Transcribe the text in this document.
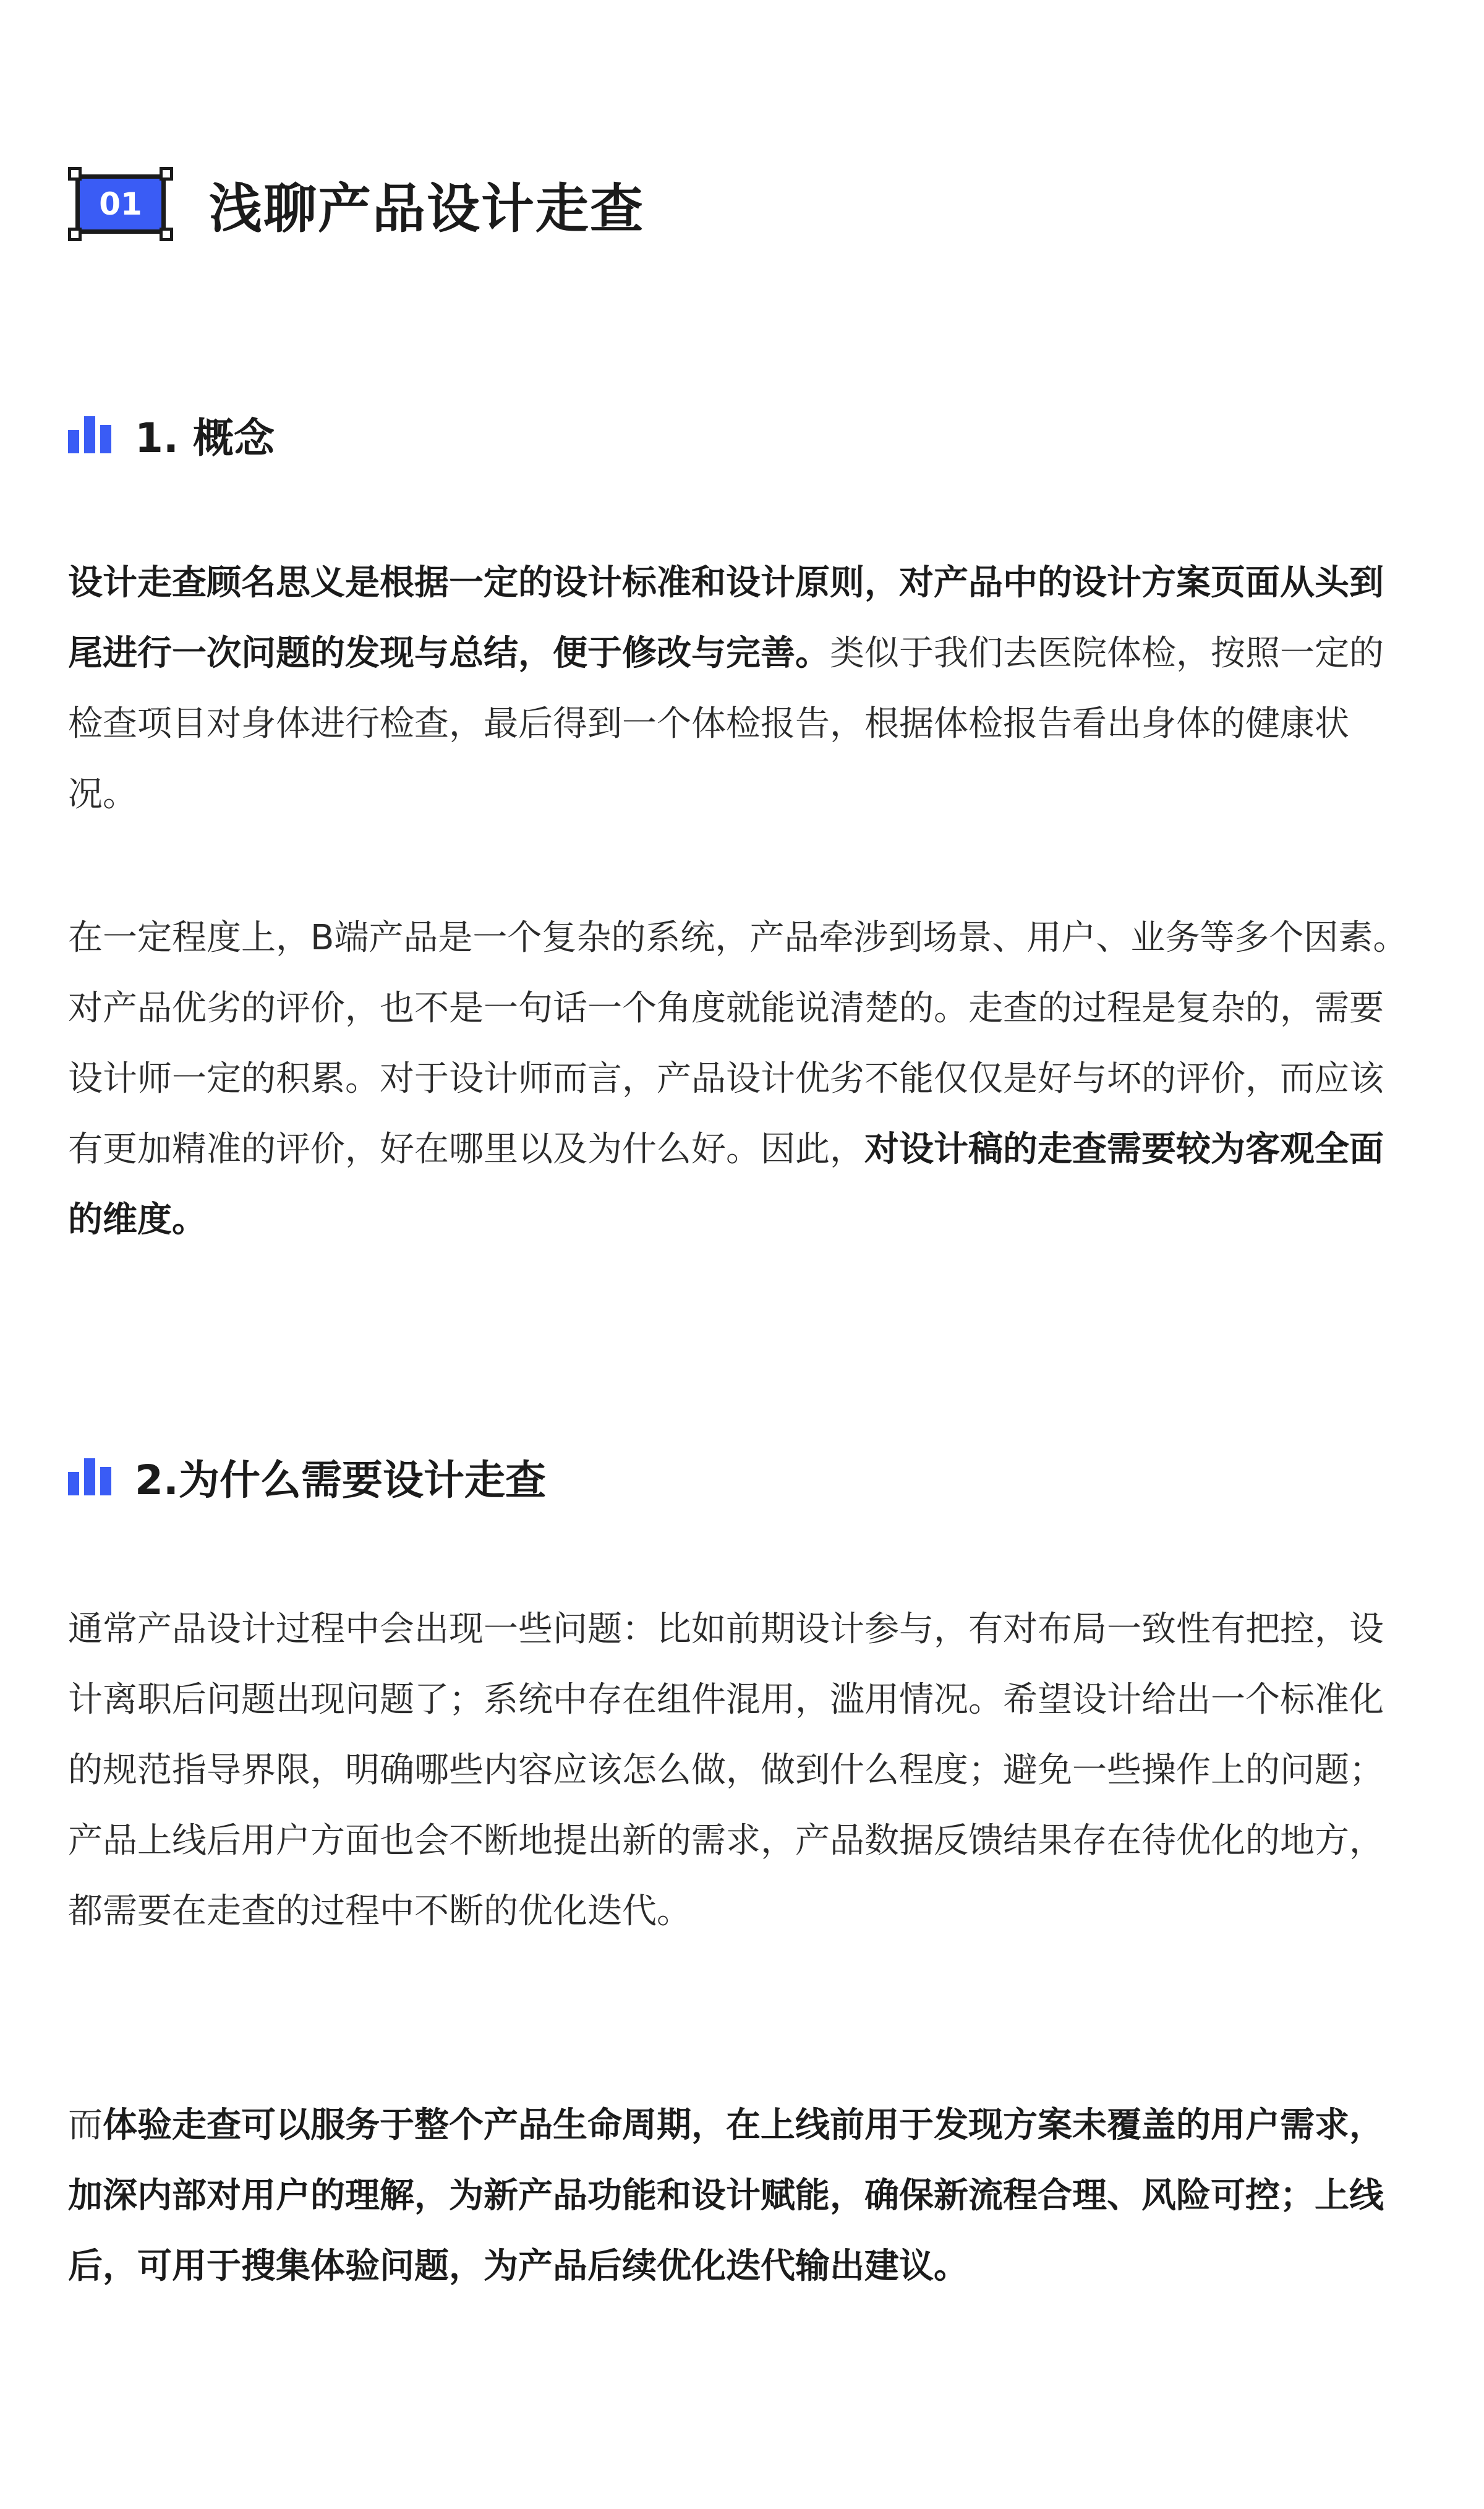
01	浅聊产品设计走查
1. 概念

设计走查顾名思义是根据一定的设计标准和设计原则，对产品中的设计方案页面从头到尾进行一次问题的发现与总结，便于修改与完善。类似于我们去医院体检，按照一定的检查项目对身体进行检查，最后得到一个体检报告，根据体检报告看出身体的健康状况。

在一定程度上，B端产品是一个复杂的系统，产品牵涉到场景、用户、业务等多个因素。对产品优劣的评价，也不是一句话一个角度就能说清楚的。走查的过程是复杂的，需要设计师一定的积累。对于设计师而言，产品设计优劣不能仅仅是好与坏的评价，而应该有更加精准的评价，好在哪里以及为什么好。因此，对设计稿的走查需要较为客观全面的维度。

2.为什么需要设计走查

通常产品设计过程中会出现一些问题：比如前期设计参与，有对布局一致性有把控，设计离职后问题出现问题了；系统中存在组件混用，滥用情况。希望设计给出一个标准化的规范指导界限，明确哪些内容应该怎么做，做到什么程度；避免一些操作上的问题；产品上线后用户方面也会不断地提出新的需求，产品数据反馈结果存在待优化的地方，都需要在走查的过程中不断的优化迭代。

而体验走查可以服务于整个产品生命周期，在上线前用于发现方案未覆盖的用户需求，加深内部对用户的理解，为新产品功能和设计赋能，确保新流程合理、风险可控；上线后，可用于搜集体验问题，为产品后续优化迭代输出建议。
